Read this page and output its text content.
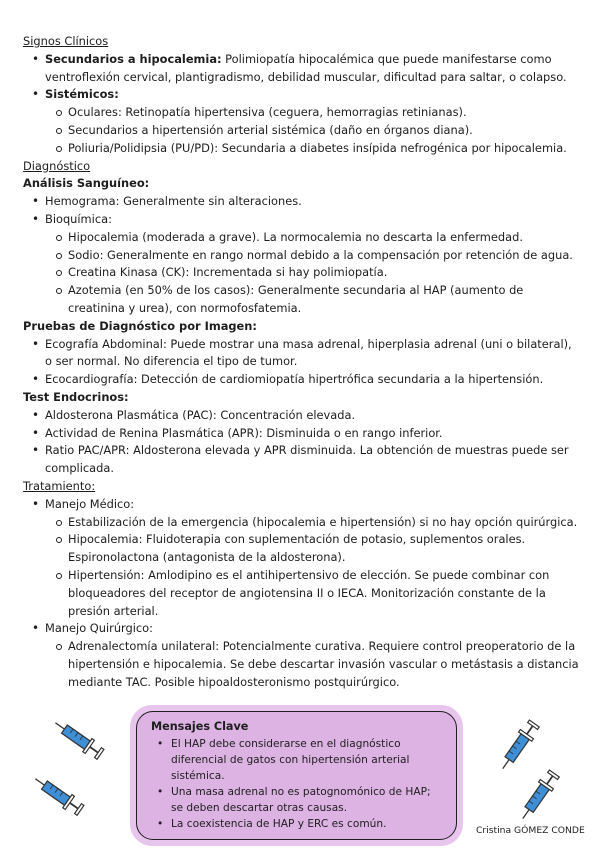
Signos Clínicos

• Secundarios a hipocalemia: Polimiopatía hipocalémica que puede manifestarse como ventroflexión cervical, plantigradismo, debilidad muscular, dificultad para saltar, o colapso.
• Sistémicos:
Oculares: Retinopatía hipertensiva (ceguera, hemorragias retinianas).
Secundarios a hipertensión arterial sistémica (daño en órganos diana).
Poliuria/Polidipsia (PU/PD): Secundaria a diabetes insípida nefrogénica por hipocalemia.

Diagnóstico

Análisis Sanguíneo:

• Hemograma: Generalmente sin alteraciones.
• Bioquímica:
Hipocalemia (moderada a grave). La normocalemia no descarta la enfermedad.
Sodio: Generalmente en rango normal debido a la compensación por retención de agua.
Creatina Kinasa (CK): Incrementada si hay polimiopatía.
Azotemia (en 50% de los casos): Generalmente secundaria al HAP (aumento de creatinina y urea), con normofosfatemia.

Pruebas de Diagnóstico por Imagen:

• Ecografía Abdominal: Puede mostrar una masa adrenal, hiperplasia adrenal (uni o bilateral), o ser normal. No diferencia el tipo de tumor.
• Ecocardiografía: Detección de cardiomiopatía hipertrófica secundaria a la hipertensión.

Test Endocrinos:

• Aldosterona Plasmática (PAC): Concentración elevada.
• Actividad de Renina Plasmática (APR): Disminuida o en rango inferior.
• Ratio PAC/APR: Aldosterona elevada y APR disminuida. La obtención de muestras puede ser complicada.

Tratamiento:

• Manejo Médico:
Estabilización de la emergencia (hipocalemia e hipertensión) si no hay opción quirúrgica.
Hipocalemia: Fluidoterapia con suplementación de potasio, suplementos orales. Espironolactona (antagonista de la aldosterona).
Hipertensión: Amlodipino es el antihipertensivo de elección. Se puede combinar con bloqueadores del receptor de angiotensina II o IECA. Monitorización constante de la presión arterial.
• Manejo Quirúrgico:
Adrenalectomía unilateral: Potencialmente curativa. Requiere control preoperatorio de la hipertensión e hipocalemia. Se debe descartar invasión vascular o metástasis a distancia mediante TAC. Posible hipoaldosteronismo postquirúrgico.

Mensajes Clave

• El HAP debe considerarse en el diagnóstico diferencial de gatos con hipertensión arterial sistémica.
• Una masa adrenal no es patognomónico de HAP; se deben descartar otras causas.
• La coexistencia de HAP y ERC es común.
Cristina GÓMEZ CONDE
